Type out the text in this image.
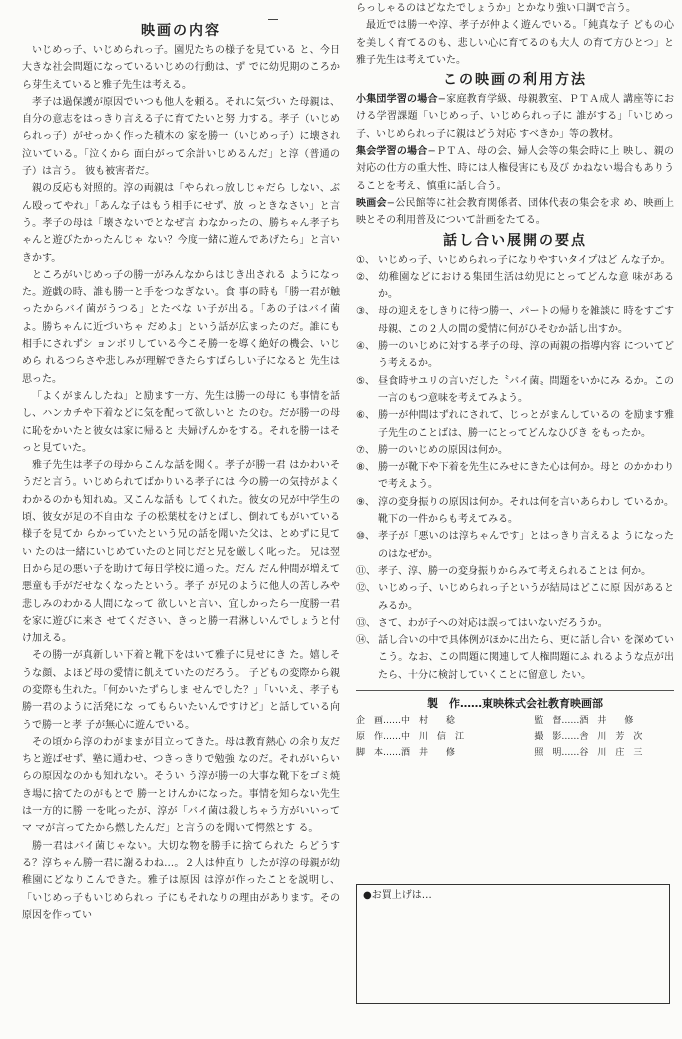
映画の内容

いじめっ子、いじめられっ子。園児たちの様子を見ている と、今日大きな社会問題になっているいじめの行動は、ず でに幼児期のころから芽生えていると雅子先生は考える。

孝子は過保護が原因でいつも他人を頼る。それに気づい た母親は、自分の意志をはっきり言える子に育てたいと努 力する。孝子（いじめられっ子）がせっかく作った積木の 家を勝一（いじめっ子）に壊され泣いている。「泣くから 面白がって余計いじめるんだ」と淳（普通の子）は言う。 彼も被害者だ。

親の反応も対照的。淳の両親は「やられっ放しじゃだら しない、ぶん殴ってやれ」「あんな子はもう相手にせず、放 っときなさい」と言う。孝子の母は「壊さないでとなぜ言 わなかったの、勝ちゃん孝子ちゃんと遊びたかったんじゃ ない？今度一緒に遊んであげたら」と言いきかす。

ところがいじめっ子の勝一がみんなからはじき出される ようになった。遊戯の時、誰も勝一と手をつなぎない。食 事の時も「勝一君が触ったからバイ菌がうつる」とたべな い子が出る。「あの子はバイ菌よ。勝ちゃんに近づいちゃ だめよ」という話が広まったのだ。誰にも相手にされずシ ョンボリしている今こそ勝一を導く絶好の機会、いじめら れるつらさや悲しみが理解できたらすばらしい子になると 先生は思った。

「よくがまんしたね」と励ます一方、先生は勝一の母に も事情を話し、ハンカチや下着などに気を配って欲しいと たのむ。だが勝一の母に恥をかいたと彼女は家に帰ると 夫婦げんかをする。それを勝一はそっと見ていた。

雅子先生は孝子の母からこんな話を聞く。孝子が勝一君 はかわいそうだと言う。いじめられてばかりいる孝子には 今の勝一の気持がよくわかるのかも知れぬ。又こんな話も してくれた。彼女の兄が中学生の頃、彼女が足の不自由な 子の松葉杖をけとばし、倒れてもがいている様子を見てか らかっていたという兄の話を聞いた父は、とめずに見てい たのは一緒にいじめていたのと同じだと兄を厳しく叱った。 兄は翌日から足の悪い子を助けて毎日学校に通った。だん だん仲間が増えて悪童も手がだせなくなったという。孝子 が兄のように他人の苦しみや悲しみのわかる人間になって 欲しいと言い、宜しかったら一度勝一君を家に遊びに来さ せてください、きっと勝一君淋しいんでしょうと付け加える。

その勝一が真新しい下着と靴下をはいて雅子に見せにき た。嬉しそうな顔、よほど母の愛情に飢えていたのだろう。 子どもの変際から親の変際も生れた。「何かいたずらしま せんでした？」「いいえ、孝子も勝一君のように活発にな ってもらいたいんですけど」と話している向うで勝一と孝 子が無心に遊んでいる。

その頃から淳のわがままが目立ってきた。母は教育熱心 の余り友だちと遊ばせず、塾に通わせ、つきっきりで勉強 なのだ。それがいらいらの原因なのかも知れない。そうい う淳が勝一の大事な靴下をゴミ焼き場に捨てたのがもとで 勝一とけんかになった。事情を知らない先生は一方的に勝 一を叱ったが、淳が「バイ菌は殺しちゃう方がいいってマ マが言ってたから燃したんだ」と言うのを聞いて愕然とす る。

勝一君はバイ菌じゃない。大切な物を勝手に捨てられた らどうする？淳ちゃん勝一君に謝るわね…。２人は仲直り したが淳の母親が幼稚園にどなりこんできた。雅子は原因 は淳が作ったことを説明し、「いじめっ子もいじめられっ 子にもそれなりの理由があります。その原因を作ってい

らっしゃるのはどなたでしょうか」とかなり強い口調で言う。

最近では勝一や淳、孝子が仲よく遊んでいる。「純真な子 どもの心を美しく育てるのも、悲しい心に育てるのも大人 の育て方ひとつ」と雅子先生は考えていた。

この映画の利用方法

小集団学習の場合−家庭教育学級、母親教室、ＰＴＡ成人 講座等における学習課題「いじめっ子、いじめられっ子に 誰がする」「いじめっ子、いじめられっ子に親はどう対応 すべきか」等の教材。

集会学習の場合−ＰＴＡ、母の会、婦人会等の集会時に上 映し、親の対応の仕方の重大性、時には人権侵害にも及び かねない場合もありうることを考え、慎重に話し合う。

映画会−公民館等に社会教育関係者、団体代表の集会を求 め、映画上映とその利用普及について計画をたてる。

話し合い展開の要点
①、 いじめっ子、いじめられっ子になりやすいタイプはど んな子か。
②、 幼稚園などにおける集団生活は幼児にとってどんな意 味があるか。
③、 母の迎えをしきりに待つ勝一、パートの帰りを雑談に 時をすごす母親、この２人の間の愛情に何がひそむか話し出すか。
④、 勝一のいじめに対する孝子の母、淳の両親の指導内容 についてどう考えるか。
⑤、 昼食時サユリの言いだした〝バイ菌〟問題をいかにみ るか。この一言のもつ意味を考えてみよう。
⑥、 勝一が仲間はずれにされて、じっとがまんしているの を励ます雅子先生のことばは、勝一にとってどんなひびき をもったか。
⑦、 勝一のいじめの原因は何か。
⑧、 勝一が靴下や下着を先生にみせにきた心は何か。母と のかかわりで考えよう。
⑨、 淳の変身振りの原因は何か。それは何を言いあらわし ているか。靴下の一件からも考えてみる。
⑩、 孝子が「悪いのは淳ちゃんです」とはっきり言えるよ うになったのはなぜか。
⑪、 孝子、淳、勝一の変身振りからみて考えられることは 何か。
⑫、 いじめっ子、いじめられっ子というが結局はどこに原 因があるとみるか。
⑬、 さて、わが子への対応は誤ってはいないだろうか。
⑭、 話し合いの中で具体例がほかに出たら、更に話し合い を深めていこう。なお、この問題に関連して人権問題にふ れるような点が出たら、十分に検討していくことに留意し たい。

製　作……東映株式会社教育映画部

企　画……中　村　　稔	監　督……酒　井　　修
原　作……中　川　信　江	撮　影……舎　川　芳　次
脚　本……酒　井　　修	照　明……谷　川　庄　三
●お買上げは…
